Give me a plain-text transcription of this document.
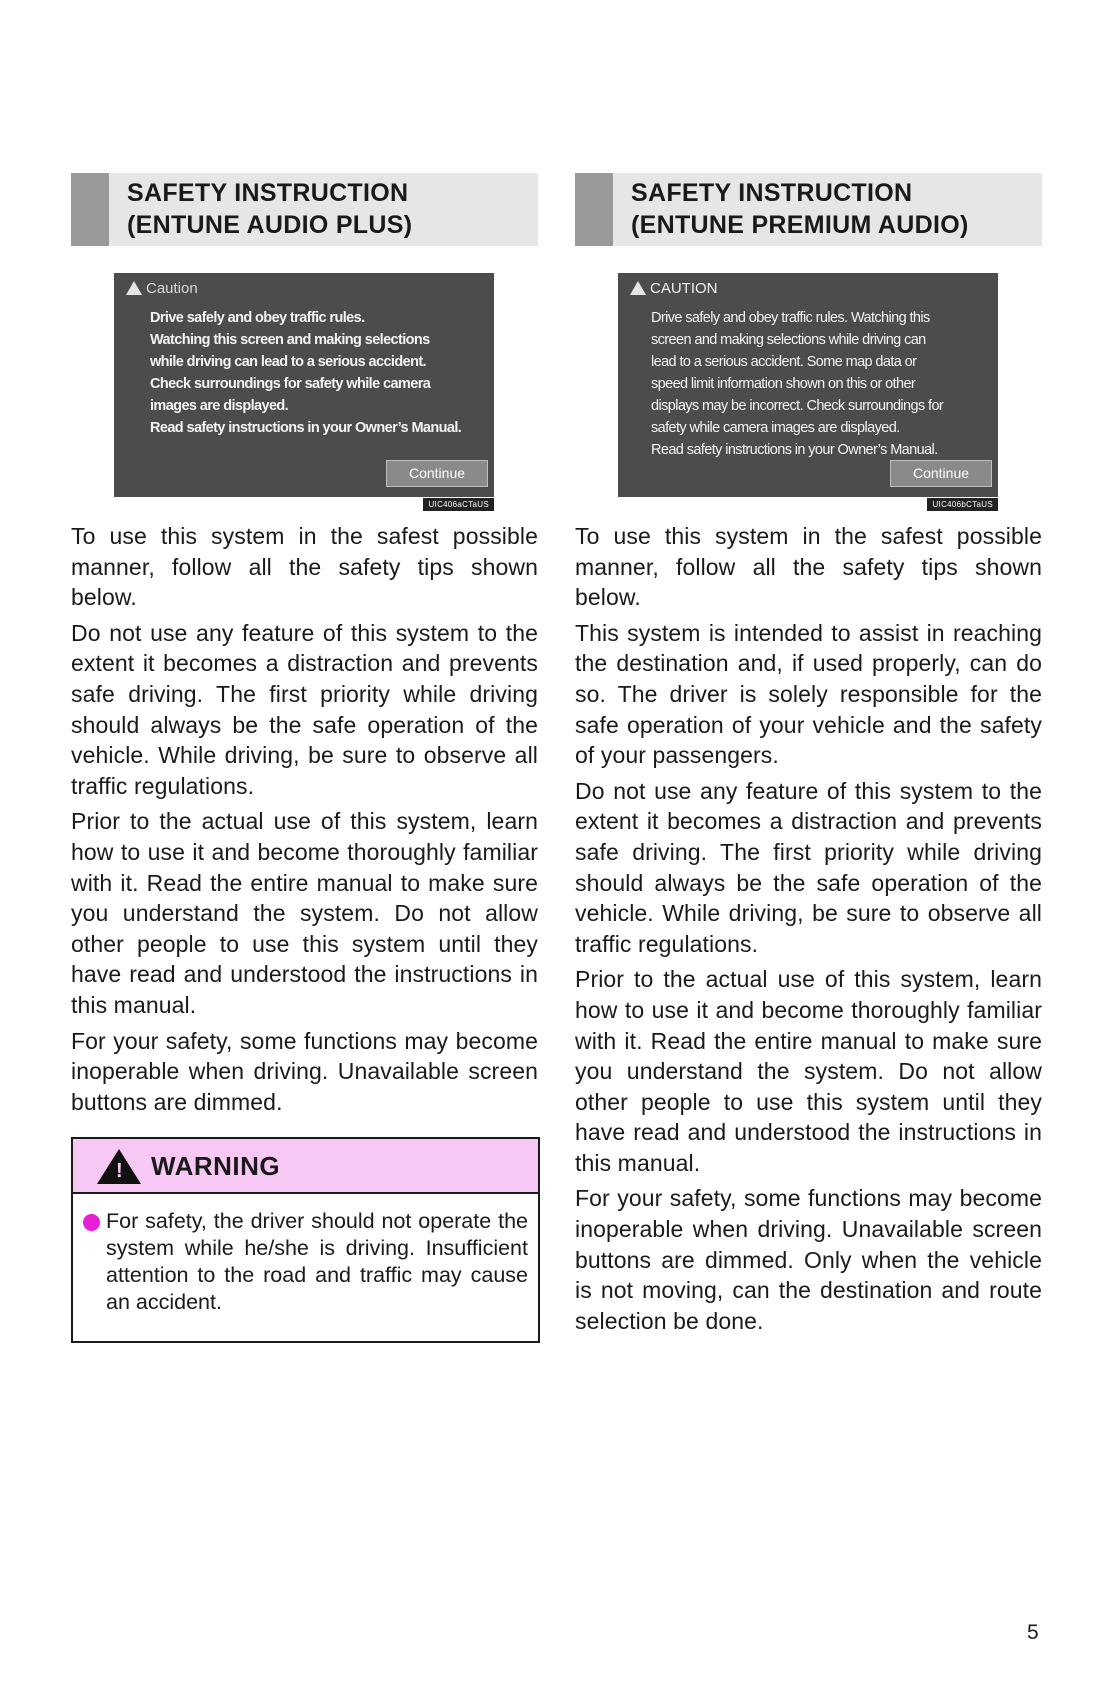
SAFETY INSTRUCTION
(ENTUNE AUDIO PLUS)
Caution
Drive safely and obey traffic rules.
Watching this screen and making selections
while driving can lead to a serious accident.
Check surroundings for safety while camera
images are displayed.
Read safety instructions in your Owner’s Manual.
Continue
UIC406aCTaUS

To use this system in the safest possible manner, follow all the safety tips shown below.

Do not use any feature of this system to the extent it becomes a distraction and prevents safe driving. The first priority while driving should always be the safe operation of the vehicle. While driving, be sure to observe all traffic regulations.

Prior to the actual use of this system, learn how to use it and become thoroughly familiar with it. Read the entire manual to make sure you understand the system. Do not allow other people to use this system until they have read and understood the instructions in this manual.

For your safety, some functions may become inoperable when driving. Unavailable screen buttons are dimmed.

! WARNING
For safety, the driver should not operate the system while he/she is driving. Insufficient attention to the road and traffic may cause an accident.
SAFETY INSTRUCTION
(ENTUNE PREMIUM AUDIO)
CAUTION
Drive safely and obey traffic rules. Watching this
screen and making selections while driving can
lead to a serious accident. Some map data or
speed limit information shown on this or other
displays may be incorrect. Check surroundings for
safety while camera images are displayed.
Read safety instructions in your Owner’s Manual.
Continue
UIC406bCTaUS

To use this system in the safest possible manner, follow all the safety tips shown below.

This system is intended to assist in reaching the destination and, if used properly, can do so. The driver is solely responsible for the safe operation of your vehicle and the safety of your passengers.

Do not use any feature of this system to the extent it becomes a distraction and prevents safe driving. The first priority while driving should always be the safe operation of the vehicle. While driving, be sure to observe all traffic regulations.

Prior to the actual use of this system, learn how to use it and become thoroughly familiar with it. Read the entire manual to make sure you understand the system. Do not allow other people to use this system until they have read and understood the instructions in this manual.

For your safety, some functions may become inoperable when driving. Unavailable screen buttons are dimmed. Only when the vehicle is not moving, can the destination and route selection be done.

5
